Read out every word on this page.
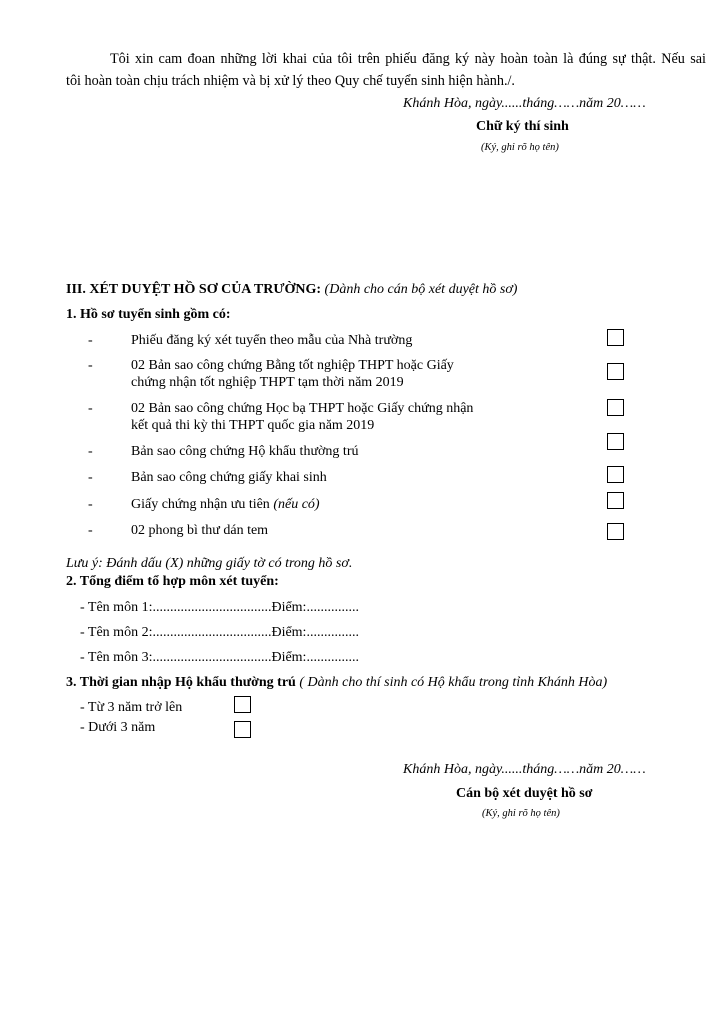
Tôi xin cam đoan những lời khai của tôi trên phiếu đăng ký này hoàn toàn là đúng sự thật. Nếu sai
tôi hoàn toàn chịu trách nhiệm và bị xử lý theo Quy chế tuyển sinh hiện hành./.
Khánh Hòa, ngày......tháng……năm 20……
Chữ ký thí sinh
(Ký, ghi rõ họ tên)
III. XÉT DUYỆT HỒ SƠ CỦA TRƯỜNG: (Dành cho cán bộ xét duyệt hồ sơ)
1. Hồ sơ tuyển sinh gồm có:
-	Phiếu đăng ký xét tuyển theo mẫu của Nhà trường
-	02 Bản sao công chứng Bằng tốt nghiệp THPT hoặc Giấy
chứng nhận tốt nghiệp THPT tạm thời năm 2019
-	02 Bản sao công chứng Học bạ THPT hoặc Giấy chứng nhận
kết quả thi kỳ thi THPT quốc gia năm 2019
-	Bản sao công chứng Hộ khẩu thường trú
-	Bản sao công chứng giấy khai sinh
-	Giấy chứng nhận ưu tiên (nếu có)
-	02 phong bì thư dán tem
Lưu ý: Đánh dấu (X) những giấy tờ có trong hồ sơ.
2. Tổng điểm tổ hợp môn xét tuyển:
- Tên môn 1:..................................Điểm:...............
- Tên môn 2:..................................Điểm:...............
- Tên môn 3:..................................Điểm:...............
3. Thời gian nhập Hộ khẩu thường trú ( Dành cho thí sinh có Hộ khẩu trong tỉnh Khánh Hòa)
- Từ 3 năm trở lên
- Dưới 3 năm
Khánh Hòa, ngày......tháng……năm 20……
Cán bộ xét duyệt hồ sơ
(Ký, ghi rõ họ tên)
